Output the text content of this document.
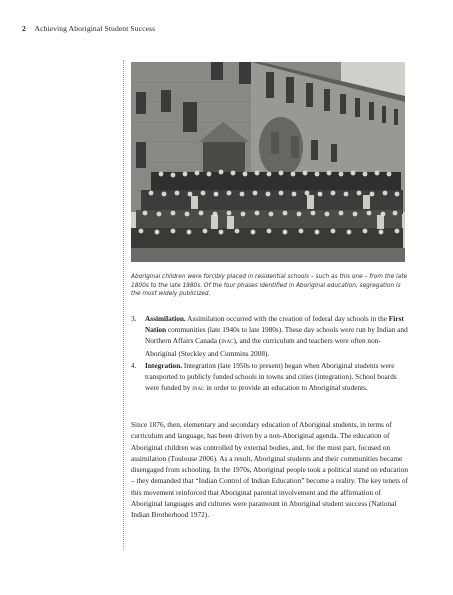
2 Achieving Aboriginal Student Success
Aboriginal children were forcibly placed in residential schools – such as this one – from the late 1800s to the late 1980s. Of the four phases identified in Aboriginal education, segregation is the most widely publicized.
3. Assimilation. Assimilation occurred with the creation of federal day schools in the First Nation communities (late 1940s to late 1980s). These day schools were run by Indian and Northern Affairs Canada (inac), and the curriculum and teachers were often non-Aboriginal (Steckley and Cummins 2008).
4. Integration. Integration (late 1950s to present) began when Aboriginal students were transported to publicly funded schools in towns and cities (integration). School boards were funded by inac in order to provide an education to Aboriginal students.

Since 1876, then, elementary and secondary education of Aboriginal students, in terms of curriculum and language, has been driven by a non-Aboriginal agenda. The education of Aboriginal children was controlled by external bodies, and, for the most part, focused on assimilation (Toulouse 2006). As a result, Aboriginal students and their communities became disengaged from schooling. In the 1970s, Aboriginal people took a political stand on education – they demanded that “Indian Control of Indian Education” become a reality. The key tenets of this movement reinforced that Aboriginal parental involvement and the affirmation of Aboriginal languages and cultures were paramount in Aboriginal student success (National Indian Brotherhood 1972).
